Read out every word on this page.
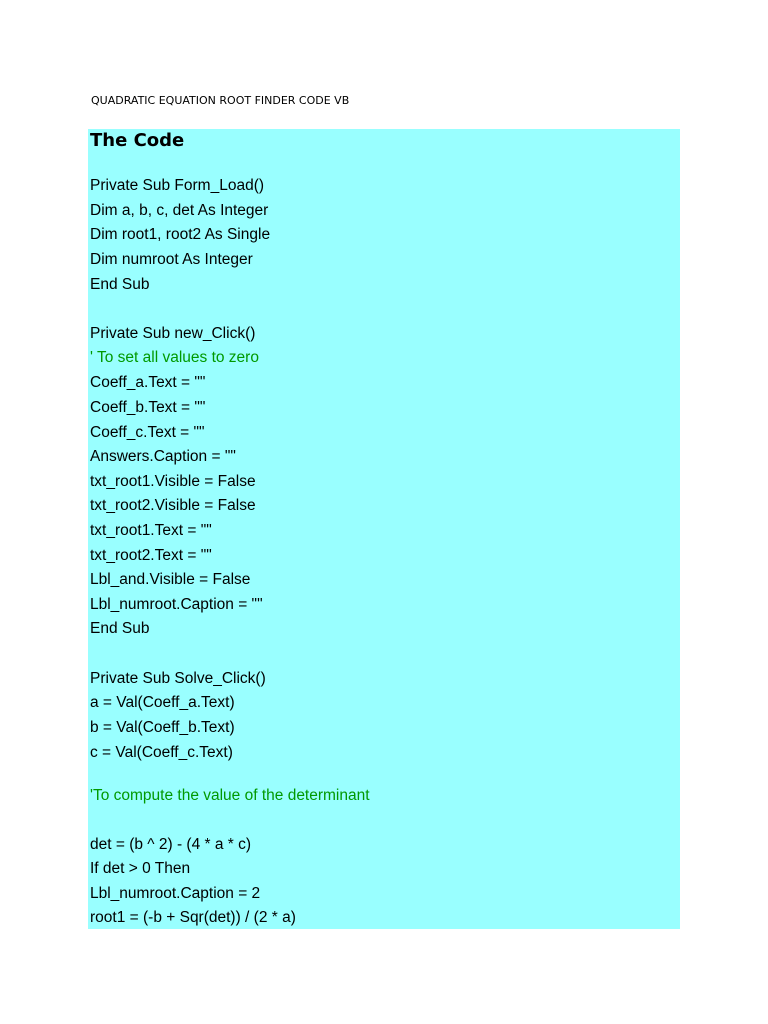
QUADRATIC EQUATION ROOT FINDER CODE VB
The Code
Private Sub Form_Load()
Dim a, b, c, det As Integer
Dim root1, root2 As Single
Dim numroot As Integer
End Sub
Private Sub new_Click()
' To set all values to zero
Coeff_a.Text = ""
Coeff_b.Text = ""
Coeff_c.Text = ""
Answers.Caption = ""
txt_root1.Visible = False
txt_root2.Visible = False
txt_root1.Text = ""
txt_root2.Text = ""
Lbl_and.Visible = False
Lbl_numroot.Caption = ""
End Sub
Private Sub Solve_Click()
a = Val(Coeff_a.Text)
b = Val(Coeff_b.Text)
c = Val(Coeff_c.Text)
'To compute the value of the determinant
det = (b ^ 2) - (4 * a * c)
If det > 0 Then
Lbl_numroot.Caption = 2
root1 = (-b + Sqr(det)) / (2 * a)
